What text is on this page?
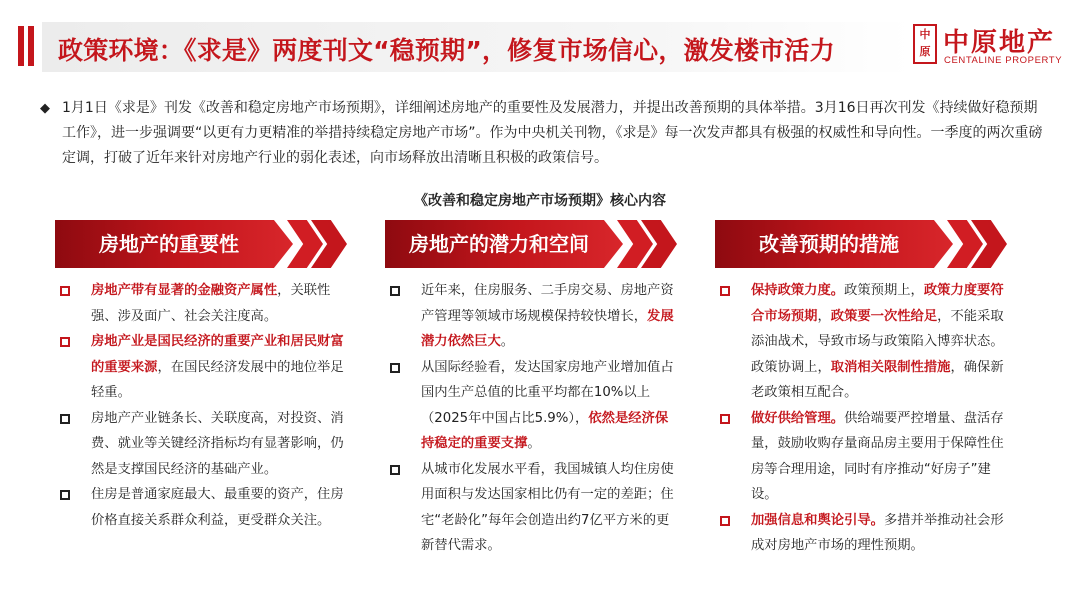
政策环境：《求是》两度刊文“稳预期”，修复市场信心，激发楼市活力
中
原 中原地产
CENTALINE PROPERTY
◆ 1月1日《求是》刊发《改善和稳定房地产市场预期》，详细阐述房地产的重要性及发展潜力，并提出改善预期的具体举措。3月16日再次刊发《持续做好稳预期工作》，进一步强调要“以更有力更精准的举措持续稳定房地产市场”。作为中央机关刊物，《求是》每一次发声都具有极强的权威性和导向性。一季度的两次重磅定调，打破了近年来针对房地产行业的弱化表述，向市场释放出清晰且积极的政策信号。

《改善和稳定房地产市场预期》核心内容
房地产的重要性
房地产带有显著的金融资产属性，关联性强、涉及面广、社会关注度高。
房地产业是国民经济的重要产业和居民财富的重要来源，在国民经济发展中的地位举足轻重。
房地产产业链条长、关联度高，对投资、消费、就业等关键经济指标均有显著影响，仍然是支撑国民经济的基础产业。
住房是普通家庭最大、最重要的资产，住房价格直接关系群众利益，更受群众关注。
房地产的潜力和空间
近年来，住房服务、二手房交易、房地产资产管理等领域市场规模保持较快增长，发展潜力依然巨大。
从国际经验看，发达国家房地产业增加值占国内生产总值的比重平均都在10%以上（2025年中国占比5.9%），依然是经济保持稳定的重要支撑。
从城市化发展水平看，我国城镇人均住房使用面积与发达国家相比仍有一定的差距；住宅“老龄化”每年会创造出约7亿平方米的更新替代需求。
改善预期的措施
保持政策力度。政策预期上，政策力度要符合市场预期，政策要一次性给足，不能采取添油战术，导致市场与政策陷入博弈状态。政策协调上，取消相关限制性措施，确保新老政策相互配合。
做好供给管理。供给端要严控增量、盘活存量，鼓励收购存量商品房主要用于保障性住房等合理用途，同时有序推动“好房子”建设。
加强信息和舆论引导。多措并举推动社会形成对房地产市场的理性预期。
